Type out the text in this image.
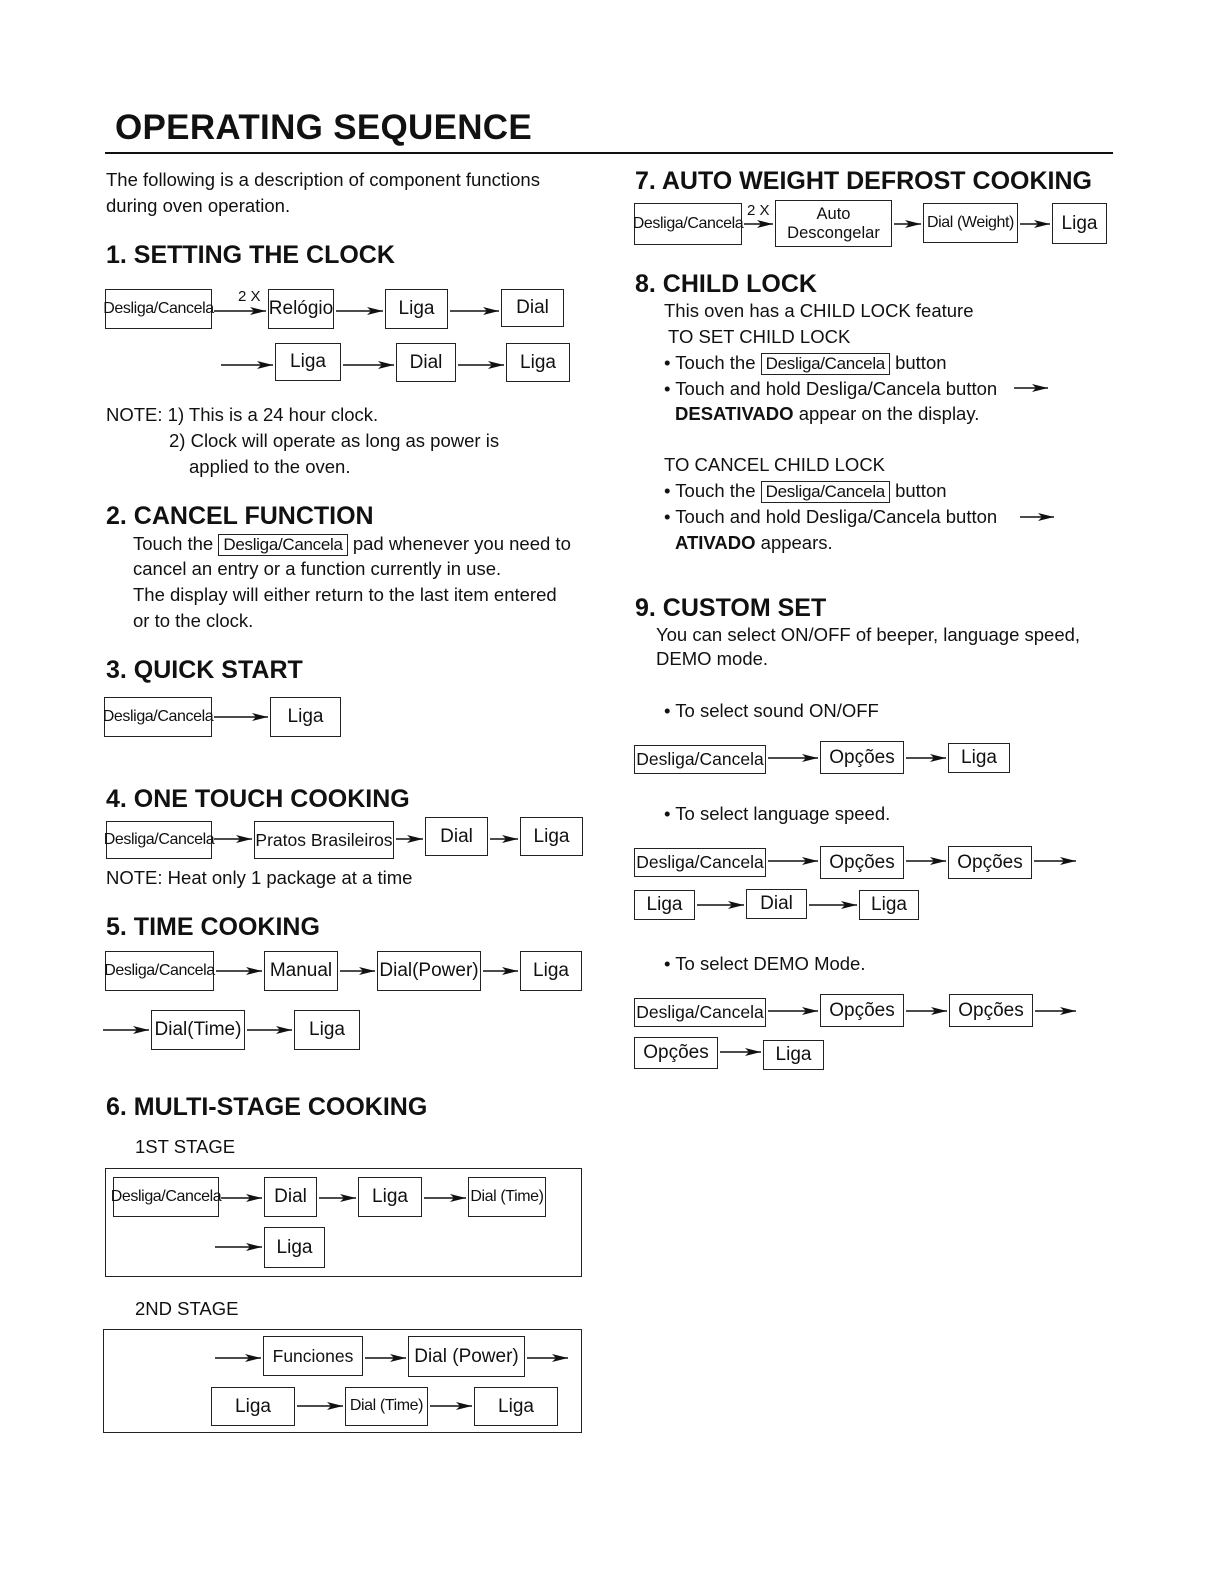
OPERATING SEQUENCE
The following is a description of component functions
during oven operation.
1. SETTING THE CLOCK
2 X
Desliga/Cancela	Relógio	Liga	Dial
Liga	Dial	Liga
NOTE: 1) This is a 24 hour clock.
2) Clock will operate as long as power is
applied to the oven.
2. CANCEL FUNCTION
Touch the Desliga/Cancela pad whenever you need to
cancel an entry or a function currently in use.
The display will either return to the last item entered
or to the clock.
3. QUICK START
Desliga/Cancela	Liga
4. ONE TOUCH COOKING
Desliga/Cancela Pratos Brasileiros	Dial	Liga
NOTE: Heat only 1 package at a time
5. TIME COOKING
Desliga/Cancela	Manual	Dial(Power)	Liga
Dial(Time)	Liga
6. MULTI-STAGE COOKING
1ST STAGE
Desliga/Cancela	Dial	Liga	Dial (Time)
Liga
2ND STAGE
Funciones	Dial (Power)
Liga	Dial (Time)	Liga
7. AUTO WEIGHT DEFROST COOKING
2 X
Desliga/Cancela
Auto
Descongelar
Dial (Weight)	Liga
8. CHILD LOCK
This oven has a CHILD LOCK feature
TO SET CHILD LOCK
• Touch the Desliga/Cancela button
• Touch and hold Desliga/Cancela button
DESATIVADO appear on the display.
TO CANCEL CHILD LOCK
• Touch the Desliga/Cancela button
• Touch and hold Desliga/Cancela button
ATIVADO appears.
9. CUSTOM SET
You can select ON/OFF of beeper, language speed,
DEMO mode.
• To select sound ON/OFF
Desliga/Cancela	Opções	Liga
• To select language speed.
Desliga/Cancela	Opções	Opções
Liga	Dial	Liga
• To select DEMO Mode.
Desliga/Cancela	Opções	Opções
Opções	Liga
